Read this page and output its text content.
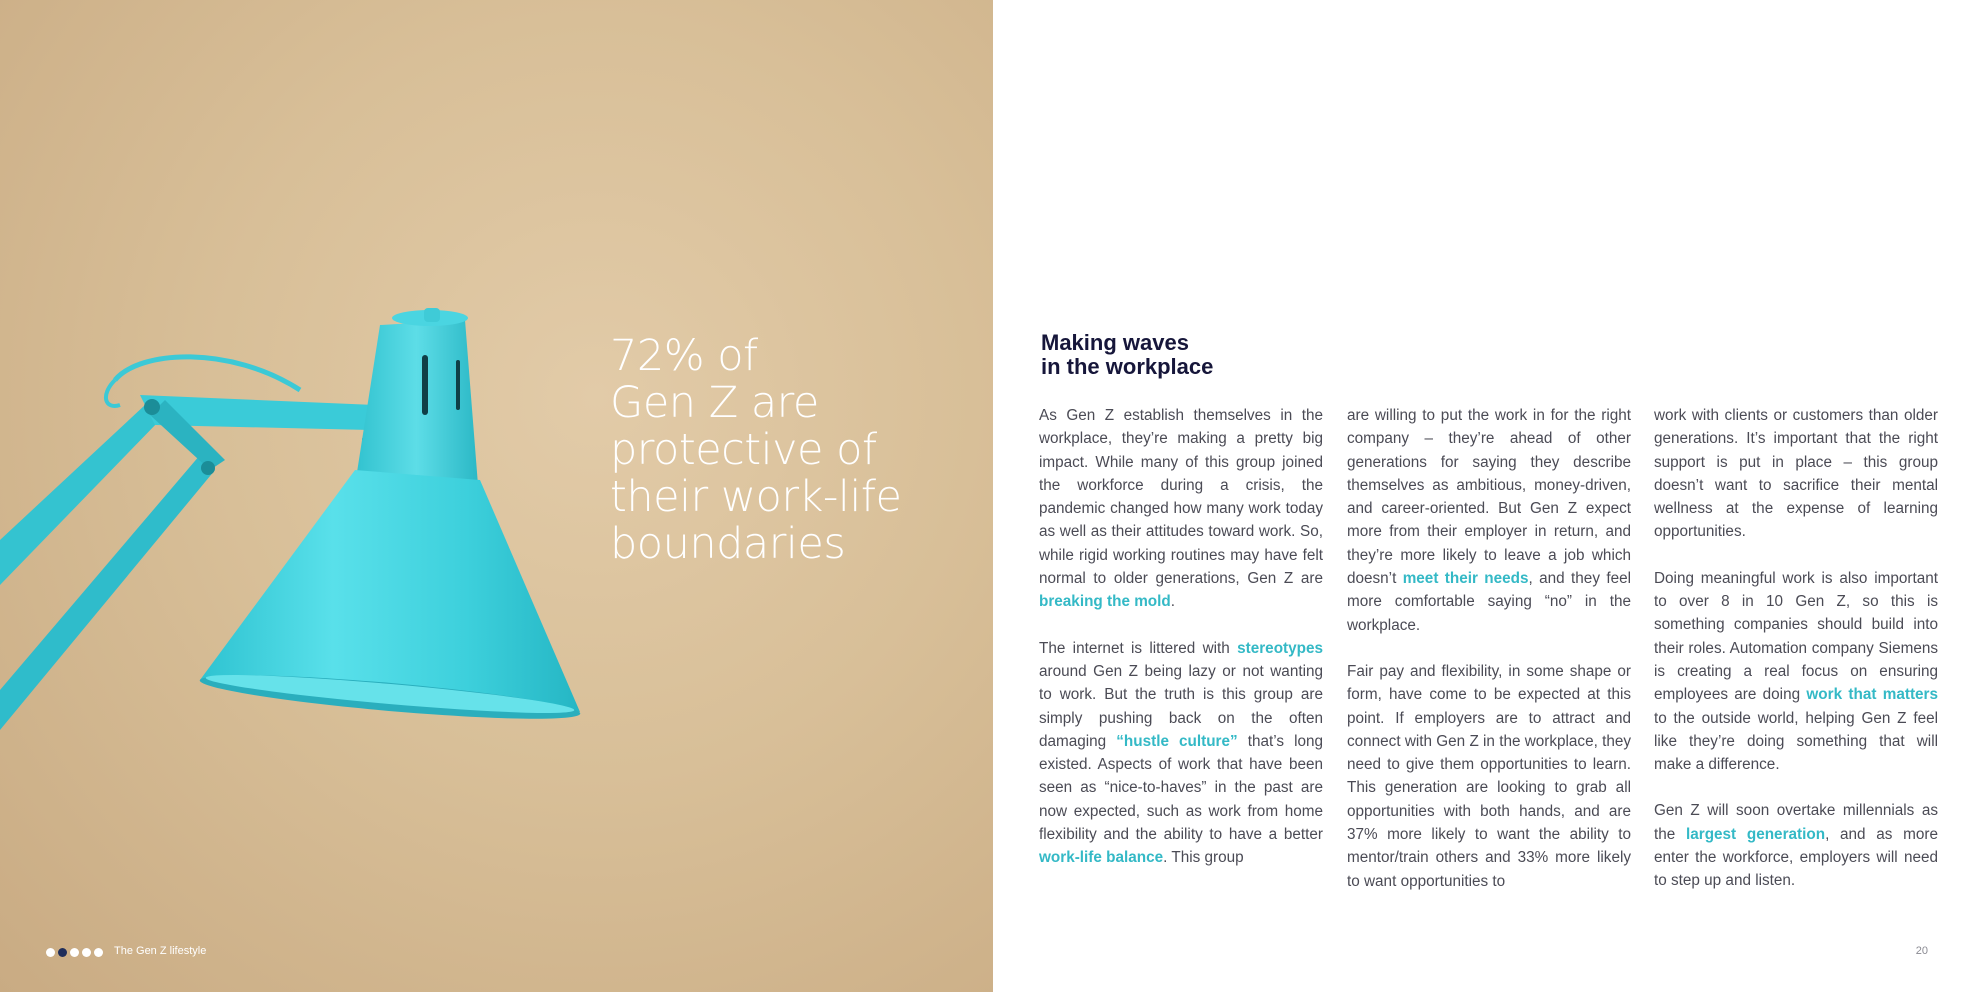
72% of
Gen Z are
protective of
their work-life
boundaries
The Gen Z lifestyle
Making waves
in the workplace

As Gen Z establish themselves in the workplace, they’re making a pretty big impact. While many of this group joined the workforce during a crisis, the pandemic changed how many work today as well as their attitudes toward work. So, while rigid working routines may have felt normal to older generations, Gen Z are breaking the mold.

The internet is littered with stereotypes around Gen Z being lazy or not wanting to work. But the truth is this group are simply pushing back on the often damaging “hustle culture” that’s long existed. Aspects of work that have been seen as “nice-to-haves” in the past are now expected, such as work from home flexibility and the ability to have a better work-life balance. This group

are willing to put the work in for the right company – they’re ahead of other generations for saying they describe themselves as ambitious, money-driven, and career-oriented. But Gen Z expect more from their employer in return, and they’re more likely to leave a job which doesn’t meet their needs, and they feel more comfortable saying “no” in the workplace.

Fair pay and flexibility, in some shape or form, have come to be expected at this point. If employers are to attract and connect with Gen Z in the workplace, they need to give them opportunities to learn. This generation are looking to grab all opportunities with both hands, and are 37% more likely to want the ability to mentor/train others and 33% more likely to want opportunities to

work with clients or customers than older generations. It’s important that the right support is put in place – this group doesn’t want to sacrifice their mental wellness at the expense of learning opportunities.

Doing meaningful work is also important to over 8 in 10 Gen Z, so this is something companies should build into their roles. Automation company Siemens is creating a real focus on ensuring employees are doing work that matters to the outside world, helping Gen Z feel like they’re doing something that will make a difference.

Gen Z will soon overtake millennials as the largest generation, and as more enter the workforce, employers will need to step up and listen.

20
